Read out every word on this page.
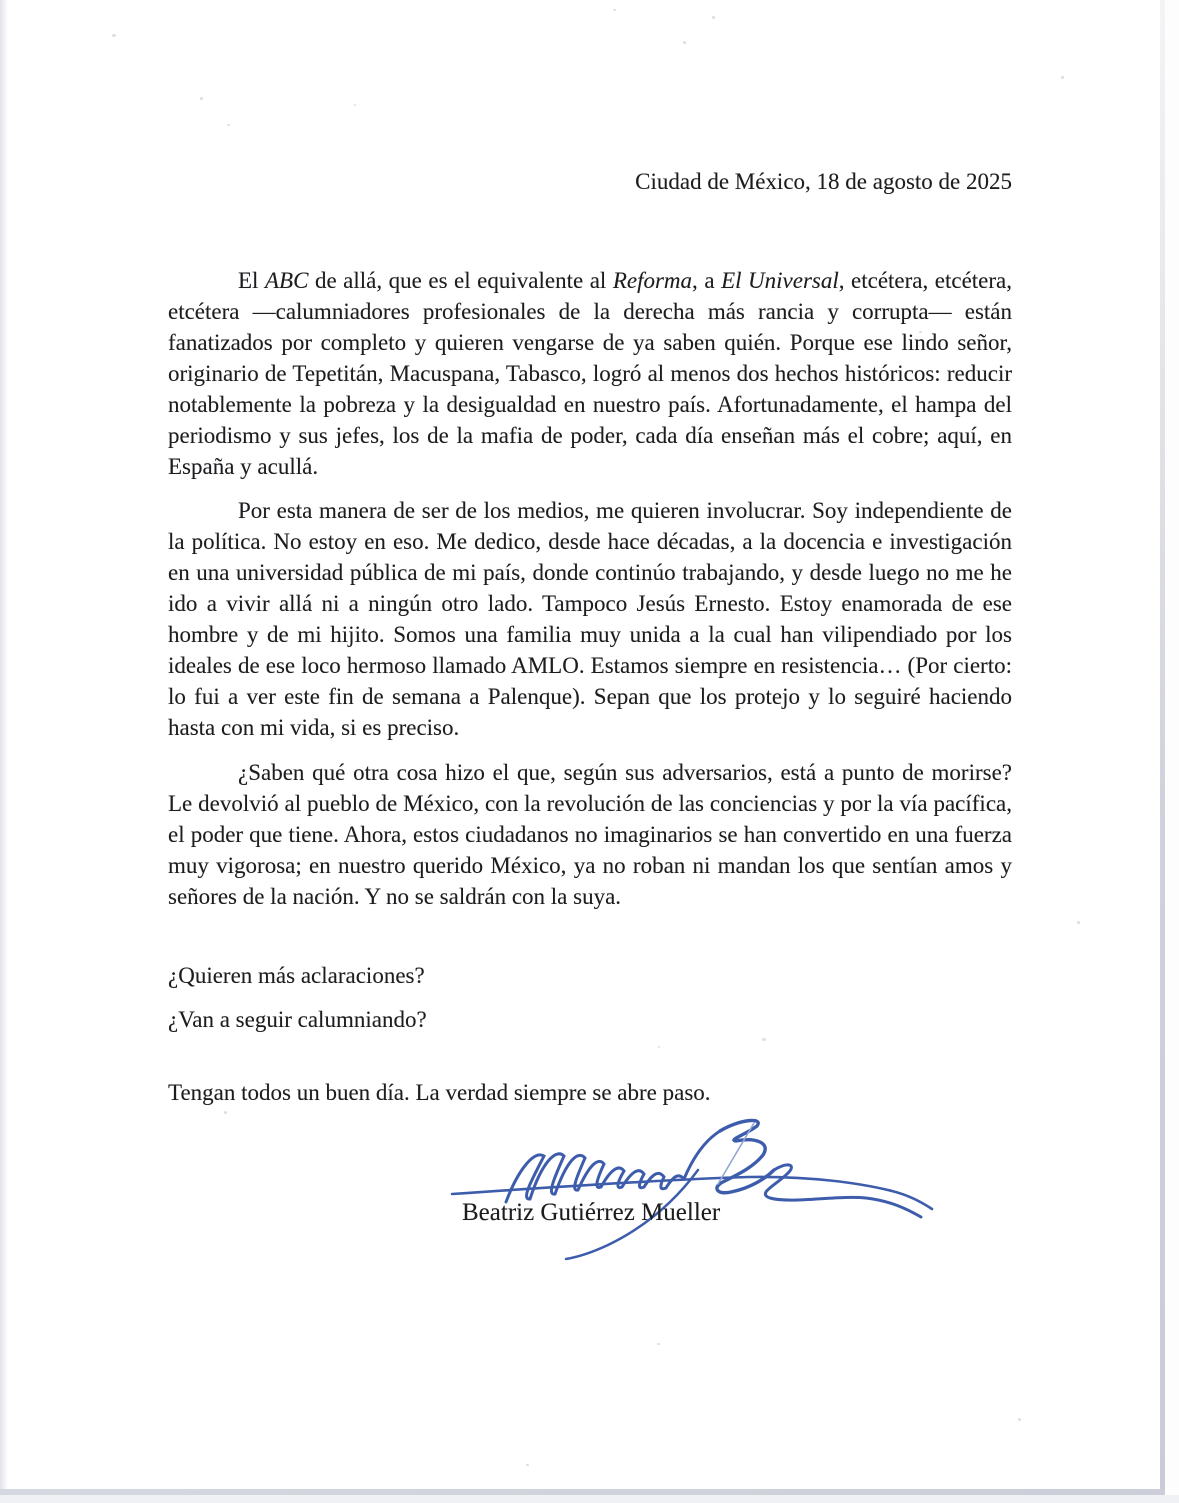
Ciudad de México, 18 de agosto de 2025

El ABC de allá, que es el equivalente al Reforma, a El Universal, etcétera, etcétera, etcétera —calumniadores profesionales de la derecha más rancia y corrupta— están fanatizados por completo y quieren vengarse de ya saben quién. Porque ese lindo señor, originario de Tepetitán, Macuspana, Tabasco, logró al menos dos hechos históricos: reducir notablemente la pobreza y la desigualdad en nuestro país. Afortunadamente, el hampa del periodismo y sus jefes, los de la mafia de poder, cada día enseñan más el cobre; aquí, en España y acullá.

Por esta manera de ser de los medios, me quieren involucrar. Soy independiente de la política. No estoy en eso. Me dedico, desde hace décadas, a la docencia e investigación en una universidad pública de mi país, donde continúo trabajando, y desde luego no me he ido a vivir allá ni a ningún otro lado. Tampoco Jesús Ernesto. Estoy enamorada de ese hombre y de mi hijito. Somos una familia muy unida a la cual han vilipendiado por los ideales de ese loco hermoso llamado AMLO. Estamos siempre en resistencia… (Por cierto: lo fui a ver este fin de semana a Palenque). Sepan que los protejo y lo seguiré haciendo hasta con mi vida, si es preciso.

¿Saben qué otra cosa hizo el que, según sus adversarios, está a punto de morirse? Le devolvió al pueblo de México, con la revolución de las conciencias y por la vía pacífica, el poder que tiene. Ahora, estos ciudadanos no imaginarios se han convertido en una fuerza muy vigorosa; en nuestro querido México, ya no roban ni mandan los que sentían amos y señores de la nación. Y no se saldrán con la suya.

¿Quieren más aclaraciones?

¿Van a seguir calumniando?

Tengan todos un buen día. La verdad siempre se abre paso.

Beatriz Gutiérrez Mueller
